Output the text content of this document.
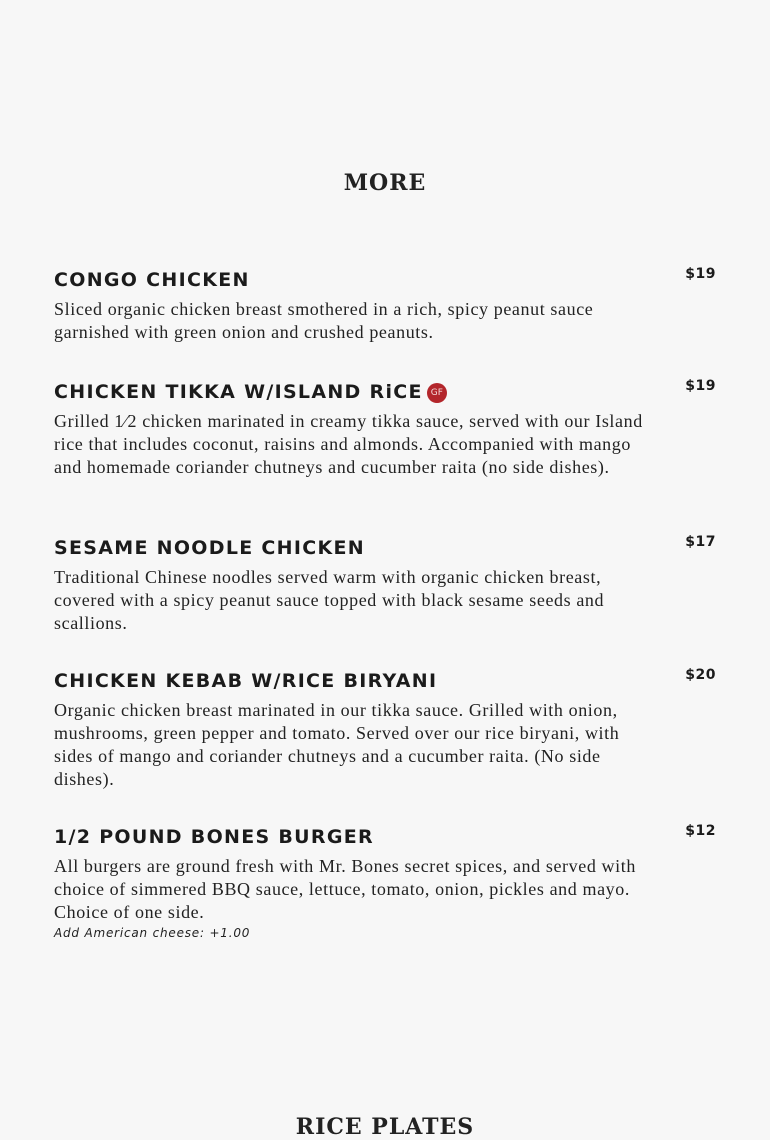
MORE
CONGO CHICKEN	$19
Sliced organic chicken breast smothered in a rich, spicy peanut sauce garnished with green onion and crushed peanuts.
CHICKEN TIKKA W/ISLAND RiCE GF	$19
Grilled 1⁄2 chicken marinated in creamy tikka sauce, served with our Island rice that includes coconut, raisins and almonds. Accompanied with mango and homemade coriander chutneys and cucumber raita (no side dishes).
SESAME NOODLE CHICKEN	$17
Traditional Chinese noodles served warm with organic chicken breast, covered with a spicy peanut sauce topped with black sesame seeds and scallions.
CHICKEN KEBAB W/RICE BIRYANI	$20
Organic chicken breast marinated in our tikka sauce. Grilled with onion, mushrooms, green pepper and tomato. Served over our rice biryani, with sides of mango and coriander chutneys and a cucumber raita. (No side dishes).
1/2 POUND BONES BURGER	$12
All burgers are ground fresh with Mr. Bones secret spices, and served with choice of simmered BBQ sauce, lettuce, tomato, onion, pickles and mayo. Choice of one side.
Add American cheese: +1.00
RICE PLATES
